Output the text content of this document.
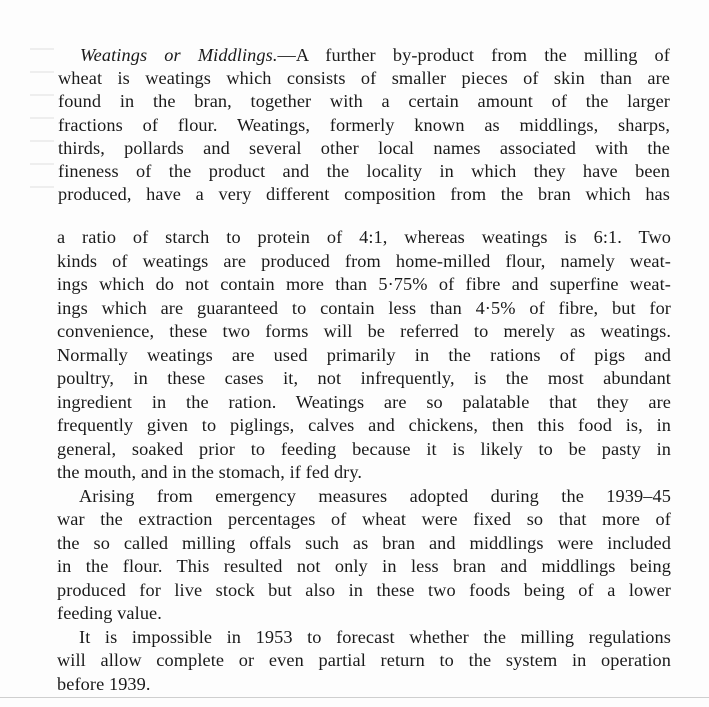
Weatings or Middlings.—A further by-product from the milling of
wheat is weatings which consists of smaller pieces of skin than are
found in the bran, together with a certain amount of the larger
fractions of flour. Weatings, formerly known as middlings, sharps,
thirds, pollards and several other local names associated with the
fineness of the product and the locality in which they have been
produced, have a very different composition from the bran which has
a ratio of starch to protein of 4:1, whereas weatings is 6:1. Two
kinds of weatings are produced from home-milled flour, namely weat-
ings which do not contain more than 5·75% of fibre and superfine weat-
ings which are guaranteed to contain less than 4·5% of fibre, but for
convenience, these two forms will be referred to merely as weatings.
Normally weatings are used primarily in the rations of pigs and
poultry, in these cases it, not infrequently, is the most abundant
ingredient in the ration. Weatings are so palatable that they are
frequently given to piglings, calves and chickens, then this food is, in
general, soaked prior to feeding because it is likely to be pasty in
the mouth, and in the stomach, if fed dry.
Arising from emergency measures adopted during the 1939–45
war the extraction percentages of wheat were fixed so that more of
the so called milling offals such as bran and middlings were included
in the flour. This resulted not only in less bran and middlings being
produced for live stock but also in these two foods being of a lower
feeding value.
It is impossible in 1953 to forecast whether the milling regulations
will allow complete or even partial return to the system in operation
before 1939.
